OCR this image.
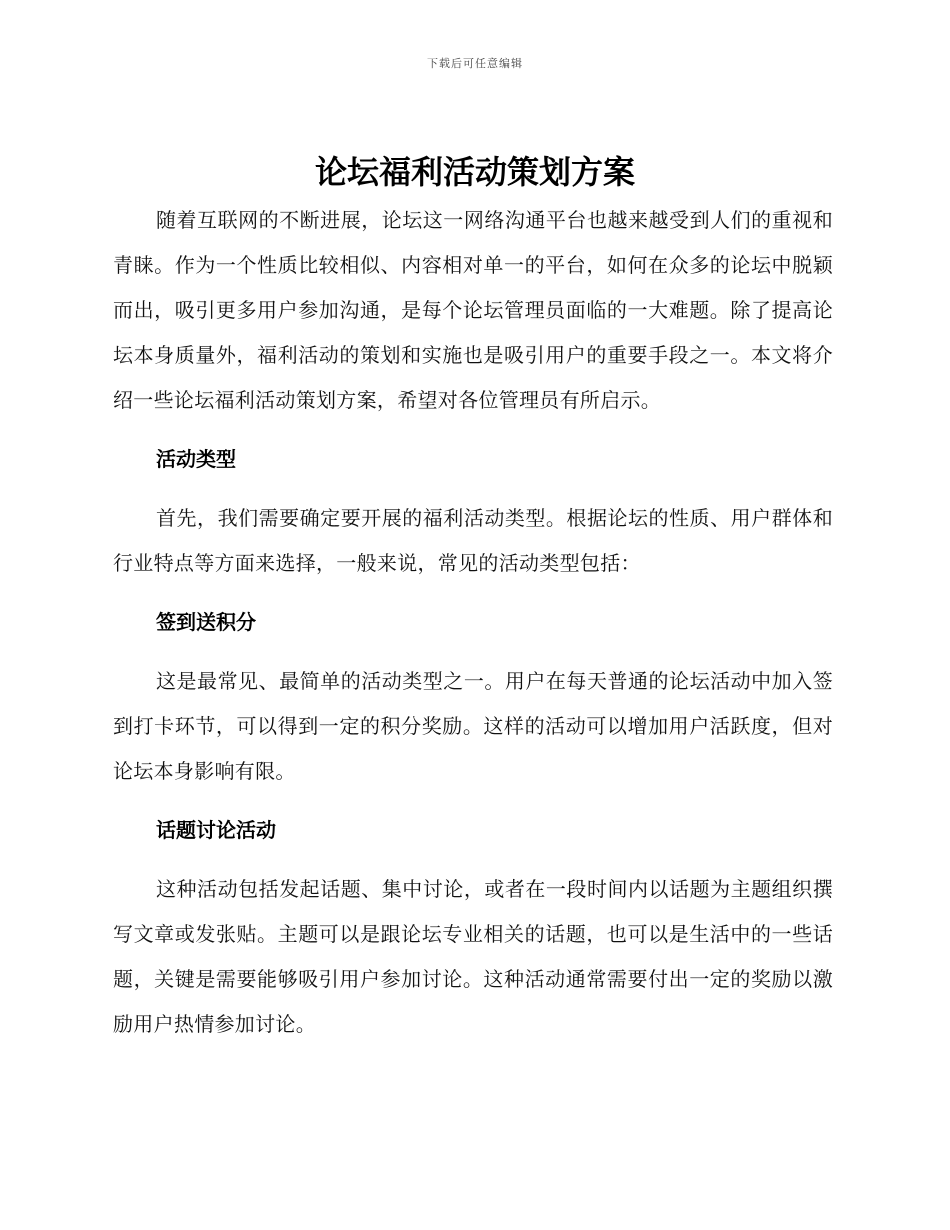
下载后可任意编辑
论坛福利活动策划方案

随着互联网的不断进展，论坛这一网络沟通平台也越来越受到人们的重视和青睐。作为一个性质比较相似、内容相对单一的平台，如何在众多的论坛中脱颖而出，吸引更多用户参加沟通，是每个论坛管理员面临的一大难题。除了提高论坛本身质量外，福利活动的策划和实施也是吸引用户的重要手段之一。本文将介绍一些论坛福利活动策划方案，希望对各位管理员有所启示。

活动类型

首先，我们需要确定要开展的福利活动类型。根据论坛的性质、用户群体和行业特点等方面来选择，一般来说，常见的活动类型包括：

签到送积分

这是最常见、最简单的活动类型之一。用户在每天普通的论坛活动中加入签到打卡环节，可以得到一定的积分奖励。这样的活动可以增加用户活跃度，但对论坛本身影响有限。

话题讨论活动

这种活动包括发起话题、集中讨论，或者在一段时间内以话题为主题组织撰写文章或发张贴。主题可以是跟论坛专业相关的话题，也可以是生活中的一些话题，关键是需要能够吸引用户参加讨论。这种活动通常需要付出一定的奖励以激励用户热情参加讨论。
